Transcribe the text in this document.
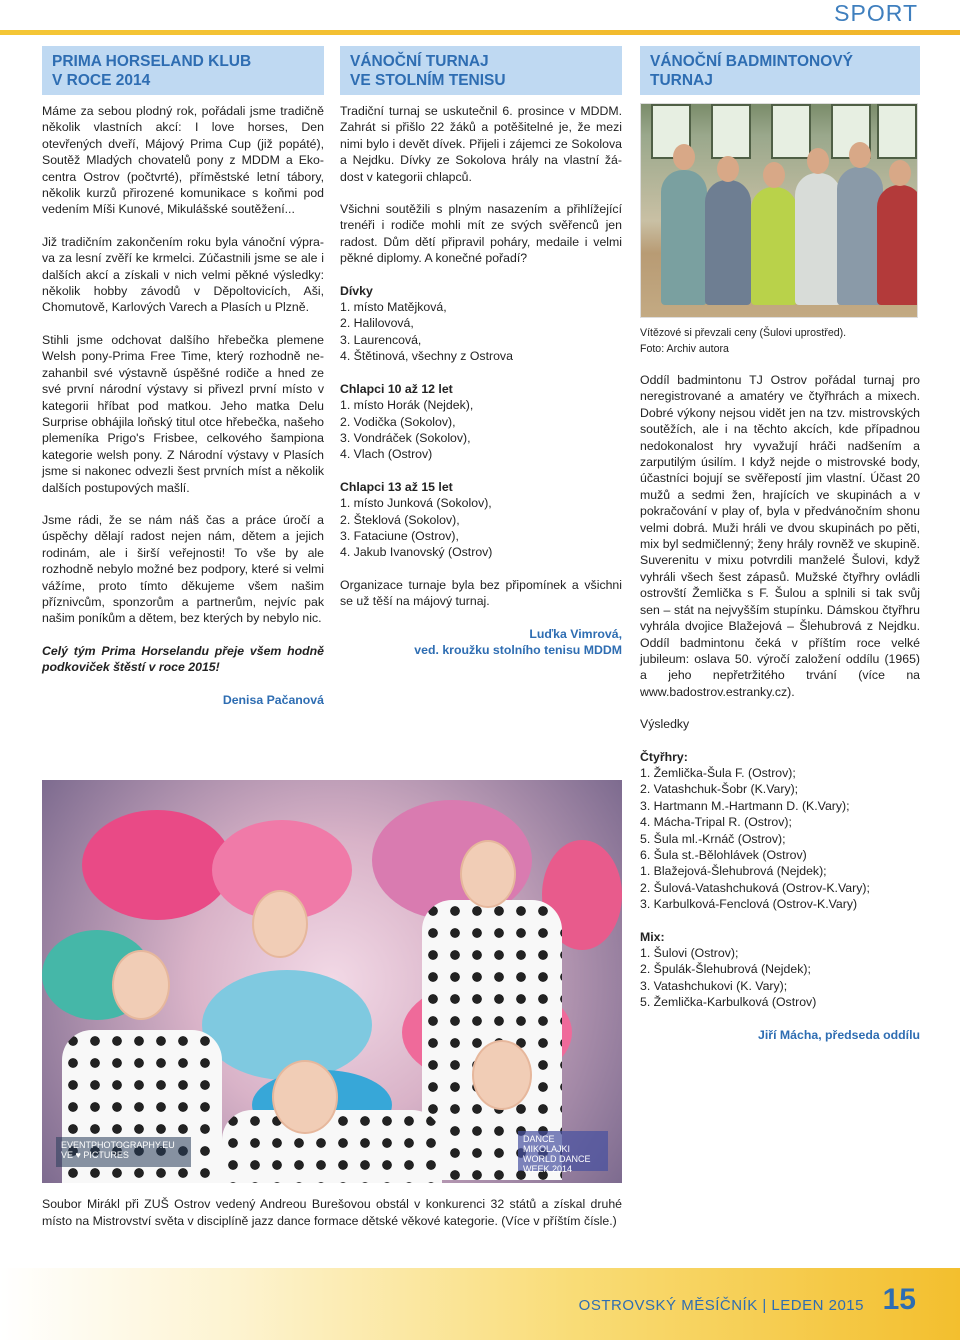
SPORT
PRIMA HORSELAND KLUB
V ROCE 2014
Máme za sebou plodný rok, pořádali jsme tradičně několik vlastních akcí: I love horses, Den otevřených dveří, Májový Prima Cup (již popáté), Soutěž Mladých chovatelů pony z MDDM a Ekocentra Ostrov (počtvrté), příměstské letní tábory, několik kurzů přirozené komunikace s koňmi pod vedením Míši Kunové, Mikulášské soutěžení...
Již tradičním zakončením roku byla vánoční výprava za lesní zvěří ke krmelci. Zúčastnili jsme se ale i dalších akcí a získali v nich velmi pěkné výsledky: několik hobby závodů v Děpoltovicích, Aši, Chomutově, Karlových Varech a Plasích u Plzně.
Stihli jsme odchovat dalšího hřebečka plemene Welsh pony-Prima Free Time, který rozhodně nezahanbil své výstavně úspěšné rodiče a hned ze své první národní výstavy si přivezl první místo v kategorii hříbat pod matkou. Jeho matka Delu Surprise obhájila loňský titul otce hřebečka, našeho plemeníka Prigo's Frisbee, celkového šampiona kategorie welsh pony. Z Národní výstavy v Plasích jsme si nakonec odvezli šest prvních míst a několik dalších postupových mašlí.
Jsme rádi, že se nám náš čas a práce úročí a úspěchy dělají radost nejen nám, dětem a jejich rodinám, ale i širší veřejnosti! To vše by ale rozhodně nebylo možné bez podpory, které si velmi vážíme, proto tímto děkujeme všem našim příznivcům, sponzorům a partnerům, nejvíc pak našim poníkům a dětem, bez kterých by nebylo nic.
Celý tým Prima Horselandu přeje všem hodně podkoviček štěstí v roce 2015!
Denisa Pačanová
VÁNOČNÍ TURNAJ
VE STOLNÍM TENISU
Tradiční turnaj se uskutečnil 6. prosince v MDDM. Zahrát si přišlo 22 žáků a potěšitelné je, že mezi nimi bylo i devět dívek. Přijeli i zájemci ze Sokolova a Nejdku. Dívky ze Sokolova hrály na vlastní žádost v kategorii chlapců.
Všichni soutěžili s plným nasazením a přihlížející trenéři i rodiče mohli mít ze svých svěřenců jen radost. Dům dětí připravil poháry, medaile i velmi pěkné diplomy. A konečné pořadí?
Dívky
1. místo Matějková,
2. Halilovová,
3. Laurencová,
4. Štětinová, všechny z Ostrova
Chlapci 10 až 12 let
1. místo Horák (Nejdek),
2. Vodička (Sokolov),
3. Vondráček (Sokolov),
4. Vlach (Ostrov)
Chlapci 13 až 15 let
1. místo Junková (Sokolov),
2. Šteklová (Sokolov),
3. Fataciune (Ostrov),
4. Jakub Ivanovský (Ostrov)
Organizace turnaje byla bez připomínek a všichni se už těší na májový turnaj.
Luďka Vimrová,
ved. kroužku stolního tenisu MDDM
VÁNOČNÍ BADMINTONOVÝ
TURNAJ
Vítězové si převzali ceny (Šulovi uprostřed).
Foto: Archiv autora
Oddíl badmintonu TJ Ostrov pořádal turnaj pro neregistrované a amatéry ve čtyřhrách a mixech. Dobré výkony nejsou vidět jen na tzv. mistrovských soutěžích, ale i na těchto akcích, kde případnou nedokonalost hry vyvažují hráči nadšením a zarputilým úsilím. I když nejde o mistrovské body, účastníci bojují se svěřepostí jim vlastní. Účast 20 mužů a sedmi žen, hrajících ve skupinách a v pokračování v play of, byla v předvánočním shonu velmi dobrá. Muži hráli ve dvou skupinách po pěti, mix byl sedmičlenný; ženy hrály rovněž ve skupině. Suverenitu v mixu potvrdili manželé Šulovi, když vyhráli všech šest zápasů. Mužské čtyřhry ovládli ostrovští Žemlička s F. Šulou a splnili si tak svůj sen – stát na nejvyšším stupínku. Dámskou čtyřhru vyhrála dvojice Blažejová – Šlehubrová z Nejdku. Oddíl badmintonu čeká v příštím roce velké jubileum: oslava 50. výročí založení oddílu (1965) a jeho nepřetržitého trvání (více na www.badostrov.estranky.cz).
Výsledky
Čtyřhry:
1. Žemlička-Šula F. (Ostrov);
2. Vatashchuk-Šobr (K.Vary);
3. Hartmann M.-Hartmann D. (K.Vary);
4. Mácha-Tripal R. (Ostrov);
5. Šula ml.-Krnáč (Ostrov);
6. Šula st.-Bělohlávek (Ostrov)
1. Blažejová-Šlehubrová (Nejdek);
2. Šulová-Vatashchuková (Ostrov-K.Vary);
3. Karbulková-Fenclová (Ostrov-K.Vary)
Mix:
1. Šulovi (Ostrov);
2. Špulák-Šlehubrová (Nejdek);
3. Vatashchukovi (K. Vary);
5. Žemlička-Karbulková (Ostrov)
Jiří Mácha, předseda oddílu
EVENTPHOTOGRAPHY.EU VE ♥ PICTURES
DANCE MIKOLAJKI WORLD DANCE WEEK 2014
Soubor Mirákl při ZUŠ Ostrov vedený Andreou Burešovou obstál v konkurenci 32 států a získal druhé místo na Mistrovství světa v disciplíně jazz dance formace dětské věkové kategorie. (Více v příštím čísle.)
OSTROVSKÝ MĚSÍČNÍK | LEDEN 2015 15
